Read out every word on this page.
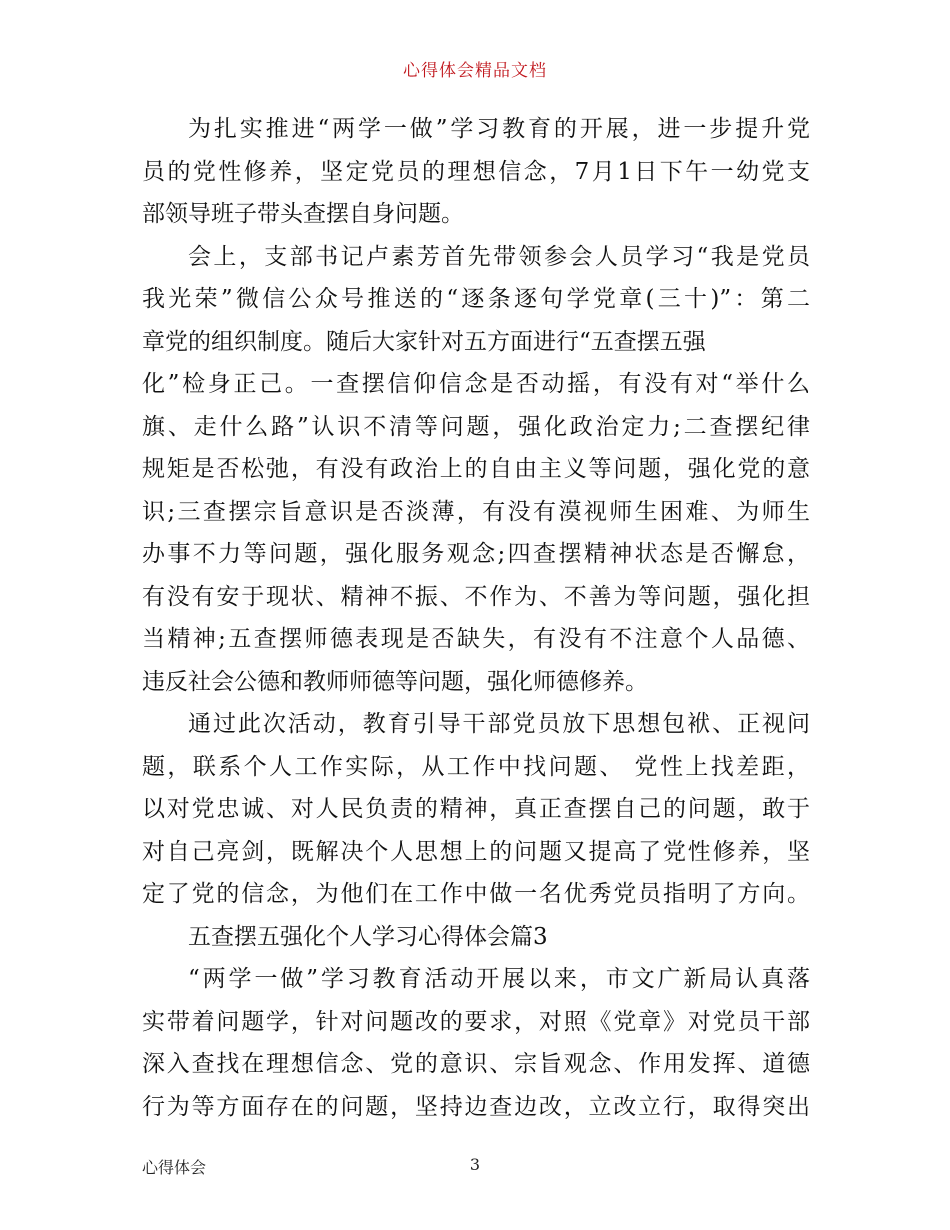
心得体会精品文档
为扎实推进“两学一做”学习教育的开展，进一步提升党
员的党性修养，坚定党员的理想信念，7月1日下午一幼党支
部领导班子带头查摆自身问题。
会上，支部书记卢素芳首先带领参会人员学习“我是党员
我光荣”微信公众号推送的“逐条逐句学党章(三十)”：第二
章党的组织制度。随后大家针对五方面进行“五查摆五强
化”检身正己。一查摆信仰信念是否动摇，有没有对“举什么
旗、走什么路”认识不清等问题，强化政治定力;二查摆纪律
规矩是否松弛，有没有政治上的自由主义等问题，强化党的意
识;三查摆宗旨意识是否淡薄，有没有漠视师生困难、为师生
办事不力等问题，强化服务观念;四查摆精神状态是否懈怠，
有没有安于现状、精神不振、不作为、不善为等问题，强化担
当精神;五查摆师德表现是否缺失，有没有不注意个人品德、
违反社会公德和教师师德等问题，强化师德修养。
通过此次活动，教育引导干部党员放下思想包袱、正视问
题，联系个人工作实际，从工作中找问题、 党性上找差距，
以对党忠诚、对人民负责的精神，真正查摆自己的问题，敢于
对自己亮剑，既解决个人思想上的问题又提高了党性修养，坚
定了党的信念，为他们在工作中做一名优秀党员指明了方向。
五查摆五强化个人学习心得体会篇3
“两学一做”学习教育活动开展以来，市文广新局认真落
实带着问题学，针对问题改的要求，对照《党章》对党员干部
深入查找在理想信念、党的意识、宗旨观念、作用发挥、道德
行为等方面存在的问题，坚持边查边改，立改立行，取得突出
心得体会	3
